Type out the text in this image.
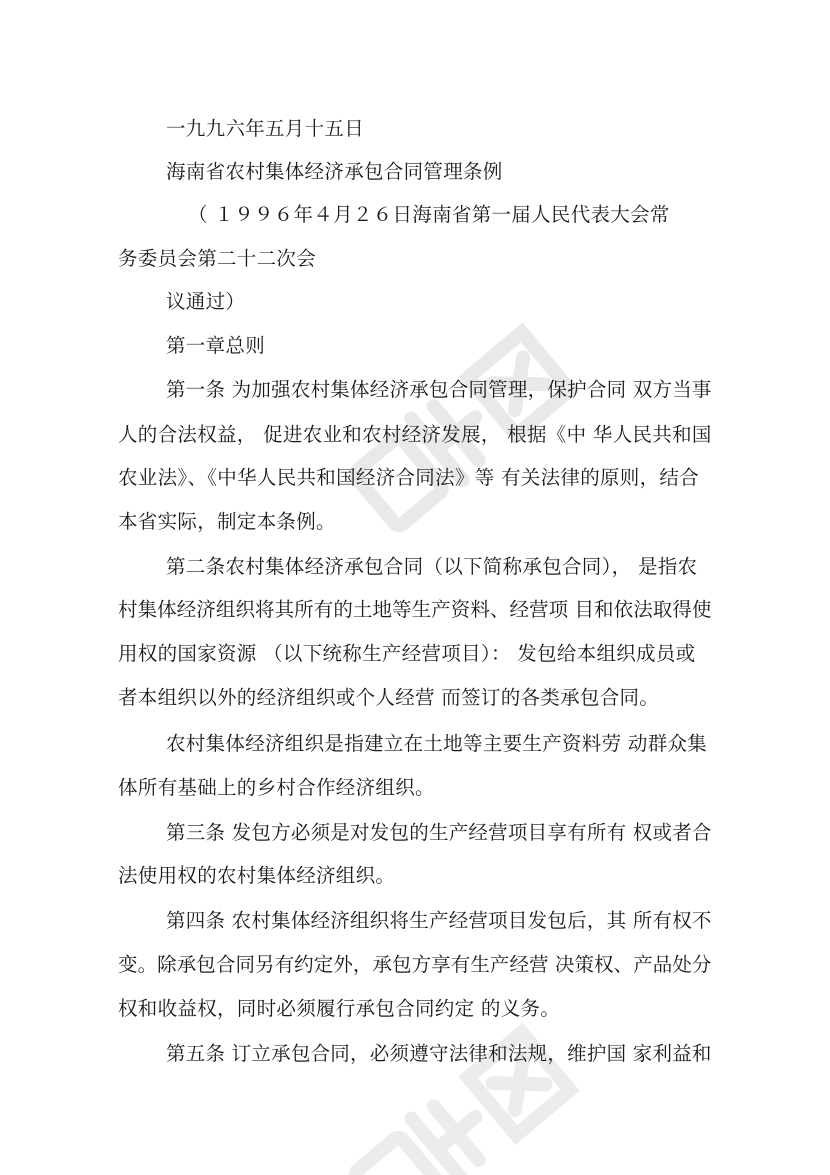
一九九六年五月十五日
海南省农村集体经济承包合同管理条例
（ １９９６年４月２６日海南省第一届人民代表大会常
务委员会第二十二次会
议通过）
第一章总则
第一条 为加强农村集体经济承包合同管理，保护合同 双方当事
人的合法权益， 促进农业和农村经济发展， 根据《中 华人民共和国
农业法》、《中华人民共和国经济合同法》等 有关法律的原则，结合
本省实际，制定本条例。
第二条农村集体经济承包合同（以下简称承包合同）， 是指农
村集体经济组织将其所有的土地等生产资料、经营项 目和依法取得使
用权的国家资源 （以下统称生产经营项目）： 发包给本组织成员或
者本组织以外的经济组织或个人经营 而签订的各类承包合同。
农村集体经济组织是指建立在土地等主要生产资料劳 动群众集
体所有基础上的乡村合作经济组织。
第三条 发包方必须是对发包的生产经营项目享有所有 权或者合
法使用权的农村集体经济组织。
第四条 农村集体经济组织将生产经营项目发包后，其 所有权不
变。除承包合同另有约定外，承包方享有生产经营 决策权、产品处分
权和收益权，同时必须履行承包合同约定 的义务。
第五条 订立承包合同，必须遵守法律和法规，维护国 家利益和
